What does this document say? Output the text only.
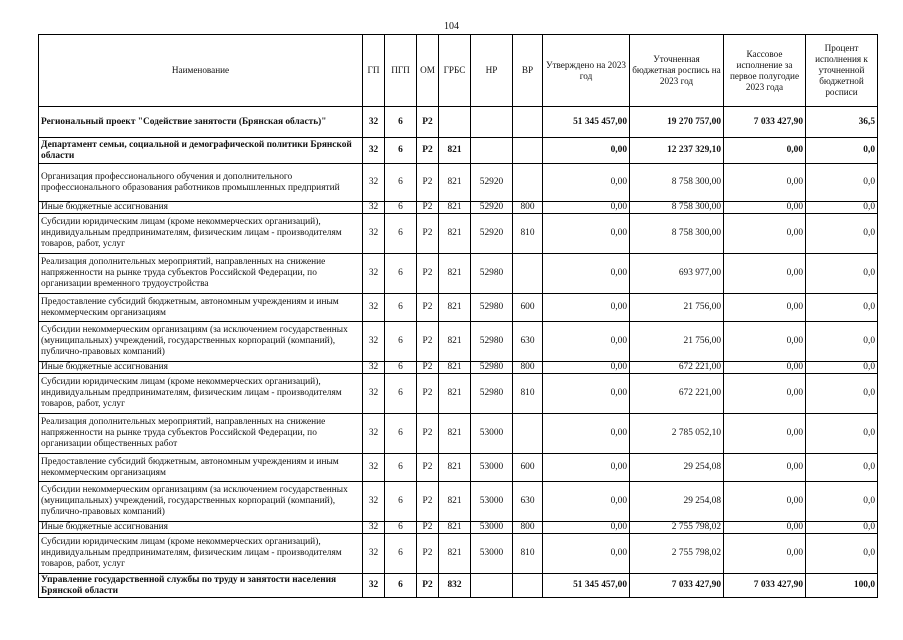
104
Наименование	ГП	ПГП	ОМ	ГРБС	НР	ВР	Утверждено на 2023 год	Уточненная бюджетная роспись на 2023 год	Кассовое исполнение за первое полугодие 2023 года	Процент исполнения к уточненной бюджетной росписи
Региональный проект "Содействие занятости (Брянская область)"	32	6	P2				51 345 457,00	19 270 757,00	7 033 427,90	36,5
Департамент семьи, социальной и демографической политики Брянской области	32	6	P2	821			0,00	12 237 329,10	0,00	0,0
Организация профессионального обучения и дополнительного профессионального образования работников промышленных предприятий	32	6	P2	821	52920		0,00	8 758 300,00	0,00	0,0
Иные бюджетные ассигнования	32	6	P2	821	52920	800	0,00	8 758 300,00	0,00	0,0
Субсидии юридическим лицам (кроме некоммерческих организаций), индивидуальным предпринимателям, физическим лицам - производителям товаров, работ, услуг	32	6	P2	821	52920	810	0,00	8 758 300,00	0,00	0,0
Реализация дополнительных мероприятий, направленных на снижение напряженности на рынке труда субъектов Российской Федерации, по организации временного трудоустройства	32	6	P2	821	52980		0,00	693 977,00	0,00	0,0
Предоставление субсидий бюджетным, автономным учреждениям и иным некоммерческим организациям	32	6	P2	821	52980	600	0,00	21 756,00	0,00	0,0
Субсидии некоммерческим организациям (за исключением государственных (муниципальных) учреждений, государственных корпораций (компаний), публично-правовых компаний)	32	6	P2	821	52980	630	0,00	21 756,00	0,00	0,0
Иные бюджетные ассигнования	32	6	P2	821	52980	800	0,00	672 221,00	0,00	0,0
Субсидии юридическим лицам (кроме некоммерческих организаций), индивидуальным предпринимателям, физическим лицам - производителям товаров, работ, услуг	32	6	P2	821	52980	810	0,00	672 221,00	0,00	0,0
Реализация дополнительных мероприятий, направленных на снижение напряженности на рынке труда субъектов Российской Федерации, по организации общественных работ	32	6	P2	821	53000		0,00	2 785 052,10	0,00	0,0
Предоставление субсидий бюджетным, автономным учреждениям и иным некоммерческим организациям	32	6	P2	821	53000	600	0,00	29 254,08	0,00	0,0
Субсидии некоммерческим организациям (за исключением государственных (муниципальных) учреждений, государственных корпораций (компаний), публично-правовых компаний)	32	6	P2	821	53000	630	0,00	29 254,08	0,00	0,0
Иные бюджетные ассигнования	32	6	P2	821	53000	800	0,00	2 755 798,02	0,00	0,0
Субсидии юридическим лицам (кроме некоммерческих организаций), индивидуальным предпринимателям, физическим лицам - производителям товаров, работ, услуг	32	6	P2	821	53000	810	0,00	2 755 798,02	0,00	0,0
Управление государственной службы по труду и занятости населения Брянской области	32	6	P2	832			51 345 457,00	7 033 427,90	7 033 427,90	100,0
